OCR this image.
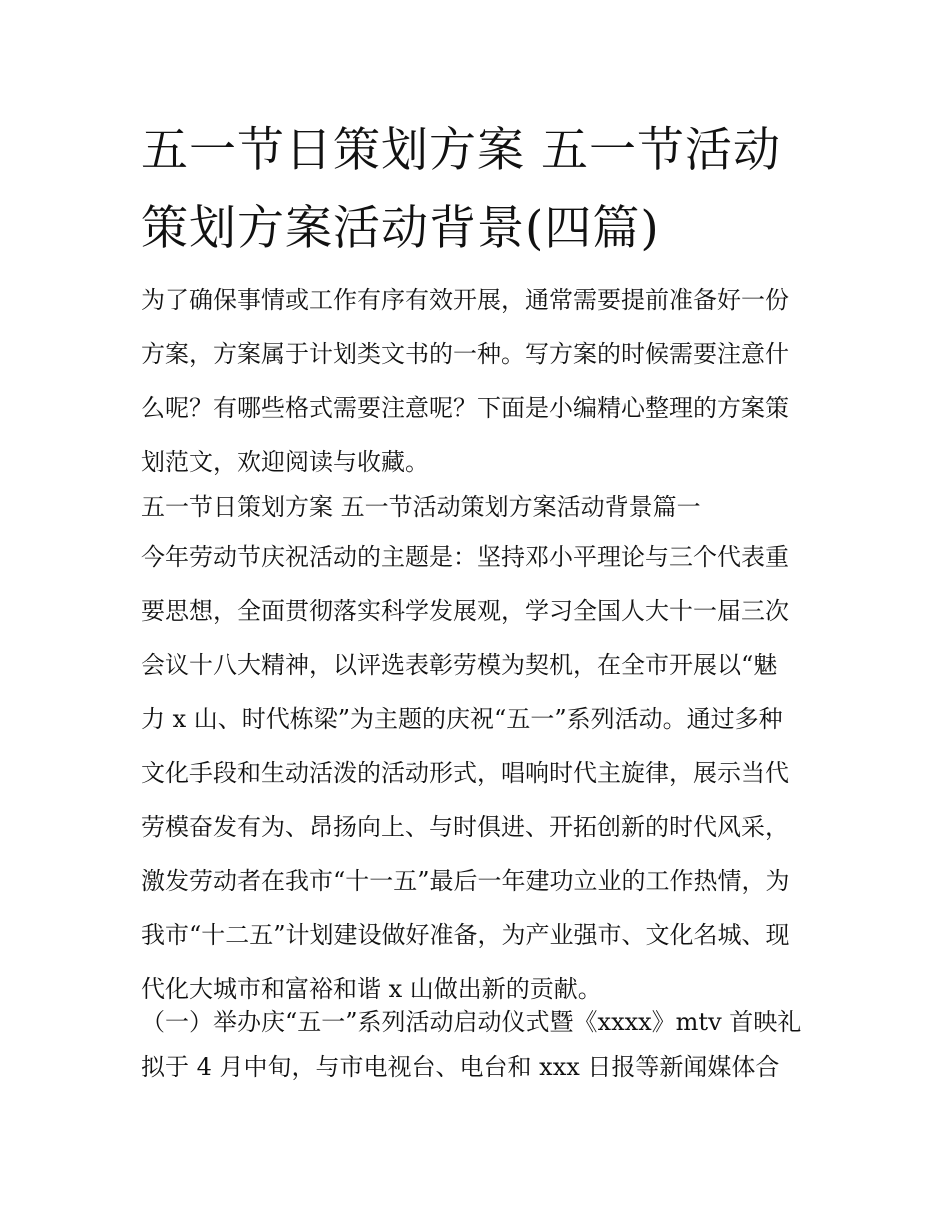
五一节日策划方案 五一节活动
策划方案活动背景(四篇)

为了确保事情或工作有序有效开展，通常需要提前准备好一份
方案，方案属于计划类文书的一种。写方案的时候需要注意什
么呢？有哪些格式需要注意呢？下面是小编精心整理的方案策
划范文，欢迎阅读与收藏。

五一节日策划方案 五一节活动策划方案活动背景篇一

今年劳动节庆祝活动的主题是：坚持邓小平理论与三个代表重
要思想，全面贯彻落实科学发展观，学习全国人大十一届三次
会议十八大精神，以评选表彰劳模为契机，在全市开展以“魅
力 x 山、时代栋梁”为主题的庆祝“五一”系列活动。通过多种
文化手段和生动活泼的活动形式，唱响时代主旋律，展示当代
劳模奋发有为、昂扬向上、与时俱进、开拓创新的时代风采，
激发劳动者在我市“十一五”最后一年建功立业的工作热情，为
我市“十二五”计划建设做好准备，为产业强市、文化名城、现
代化大城市和富裕和谐 x 山做出新的贡献。

（一）举办庆“五一”系列活动启动仪式暨《xxxx》mtv 首映礼

拟于 4 月中旬，与市电视台、电台和 xxx 日报等新闻媒体合
